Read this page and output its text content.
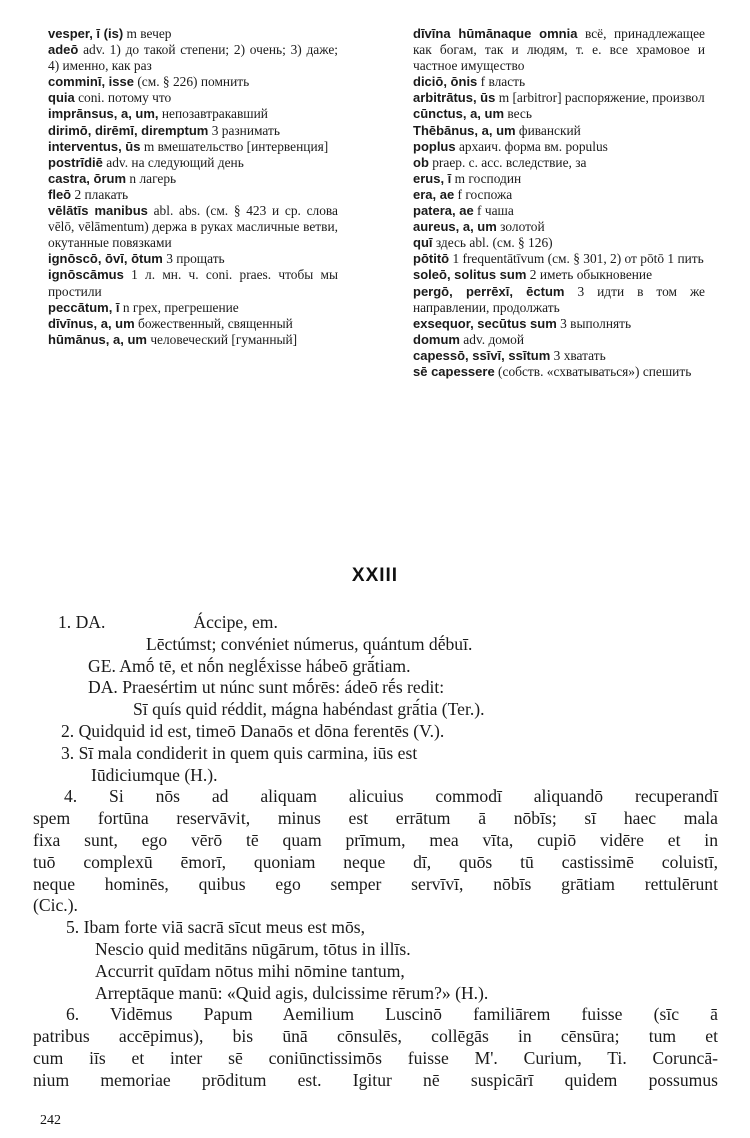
vesper, ī (is) m вечер
adeō adv. 1) до такой степени; 2) очень; 3) даже; 4) именно, как раз
comminī, isse (см. § 226) помнить
quia coni. потому что
imprānsus, a, um, непозавтракавший
dirimō, dirēmī, diremptum 3 разнимать
interventus, ūs m вмешательство [интервенция]
postrīdiē adv. на следующий день
castra, ōrum n лагерь
fleō 2 плакать
vēlātīs manibus abl. abs. (см. § 423 и ср. слова vēlō, vēlāmentum) держа в руках масличные ветви, окутанные повязками
ignōscō, ōvī, ōtum 3 прощать
ignōscāmus 1 л. мн. ч. coni. praes. чтобы мы простили
peccātum, ī n грех, прегрешение
dīvīnus, a, um божественный, священный
hūmānus, a, um человеческий [гуманный]
dīvīna hūmānaque omnia всё, принадлежащее как богам, так и людям, т. е. все храмовое и частное имущество
diciō, ōnis f власть
arbitrātus, ūs m [arbitror] распоряжение, произвол
cūnctus, a, um весь
Thēbānus, a, um фиванский
poplus архаич. форма вм. populus
ob praep. c. acc. вследствие, за
erus, ī m господин
era, ae f госпожа
patera, ae f чаша
aureus, a, um золотой
quī здесь abl. (см. § 126)
pōtitō 1 frequentātīvum (см. § 301, 2) от pōtō 1 пить
soleō, solitus sum 2 иметь обыкновение
pergō, perrēxī, ēctum 3 идти в том же направлении, продолжать
exsequor, secūtus sum 3 выполнять
domum adv. домой
capessō, ssīvī, ssītum 3 хватать
sē capessere (собств. «схватываться») спешить
XXIII
1. DA.                    Áccipe, em.
Lēctúmst; convéniet númerus, quántum dḗbuī.
GE. Amṓ tē, et nṓn neglḗxisse hábeō grā́tiam.
DA. Praesértim ut núnc sunt mṓrēs: ádeō rḗs redit:
Sī quís quid réddit, mágna habéndast grā́tia (Ter.).
2. Quidquid id est, timeō Danaōs et dōna ferentēs (V.).
3. Sī mala condiderit in quem quis carmina, iūs est
Iūdiciumque (H.).
4. Si nōs ad aliquam alicuius commodī aliquandō recuperandī
spem fortūna reservāvit, minus est errātum ā nōbīs; sī haec mala
fixa sunt, ego vērō tē quam prīmum, mea vīta, cupiō vidēre et in
tuō complexū ēmorī, quoniam neque dī, quōs tū castissimē coluistī,
neque hominēs, quibus ego semper servīvī, nōbīs grātiam rettulērunt
(Cic.).
5. Ibam forte viā sacrā sīcut meus est mōs,
Nescio quid meditāns nūgārum, tōtus in illīs.
Accurrit quīdam nōtus mihi nōmine tantum,
Arreptāque manū: «Quid agis, dulcissime rērum?» (H.).
6. Vidēmus Papum Aemilium Luscinō familiārem fuisse (sīc ā
patribus accēpimus), bis ūnā cōnsulēs, collēgās in cēnsūra; tum et
cum iīs et inter sē coniūnctissimōs fuisse M'. Curium, Ti. Coruncā-
nium memoriae prōditum est. Igitur nē suspicārī quidem possumus
242
